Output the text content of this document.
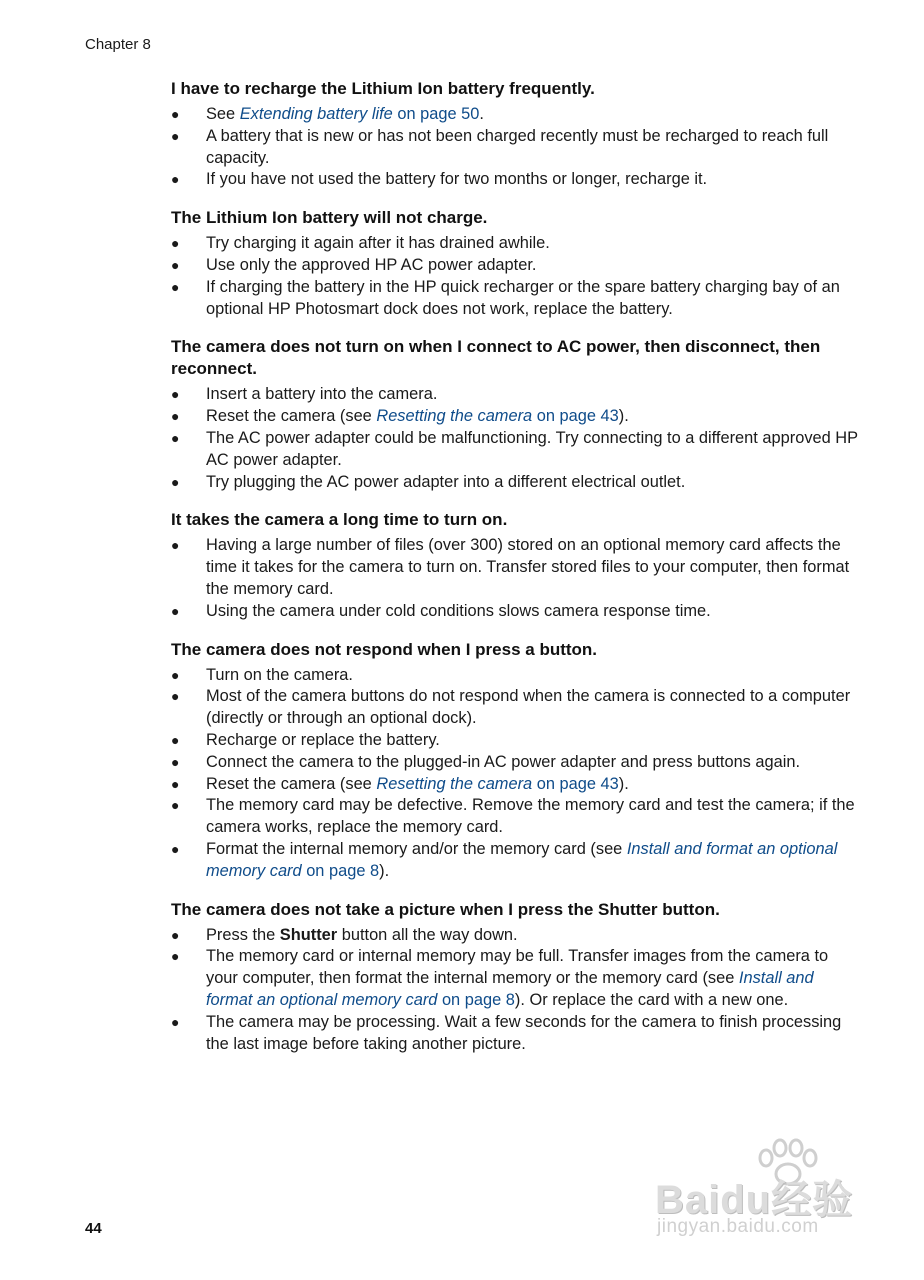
Chapter 8
I have to recharge the Lithium Ion battery frequently.
● See Extending battery life on page 50.
● A battery that is new or has not been charged recently must be recharged to reach full capacity.
● If you have not used the battery for two months or longer, recharge it.
The Lithium Ion battery will not charge.
● Try charging it again after it has drained awhile.
● Use only the approved HP AC power adapter.
● If charging the battery in the HP quick recharger or the spare battery charging bay of an optional HP Photosmart dock does not work, replace the battery.
The camera does not turn on when I connect to AC power, then disconnect, then reconnect.
● Insert a battery into the camera.
● Reset the camera (see Resetting the camera on page 43).
● The AC power adapter could be malfunctioning. Try connecting to a different approved HP AC power adapter.
● Try plugging the AC power adapter into a different electrical outlet.
It takes the camera a long time to turn on.
● Having a large number of files (over 300) stored on an optional memory card affects the time it takes for the camera to turn on. Transfer stored files to your computer, then format the memory card.
● Using the camera under cold conditions slows camera response time.
The camera does not respond when I press a button.
● Turn on the camera.
● Most of the camera buttons do not respond when the camera is connected to a computer (directly or through an optional dock).
● Recharge or replace the battery.
● Connect the camera to the plugged-in AC power adapter and press buttons again.
● Reset the camera (see Resetting the camera on page 43).
● The memory card may be defective. Remove the memory card and test the camera; if the camera works, replace the memory card.
● Format the internal memory and/or the memory card (see Install and format an optional memory card on page 8).
The camera does not take a picture when I press the Shutter button.
● Press the Shutter button all the way down.
● The memory card or internal memory may be full. Transfer images from the camera to your computer, then format the internal memory or the memory card (see Install and format an optional memory card on page 8). Or replace the card with a new one.
● The camera may be processing. Wait a few seconds for the camera to finish processing the last image before taking another picture.
44
Baidu经验
jingyan.baidu.com
